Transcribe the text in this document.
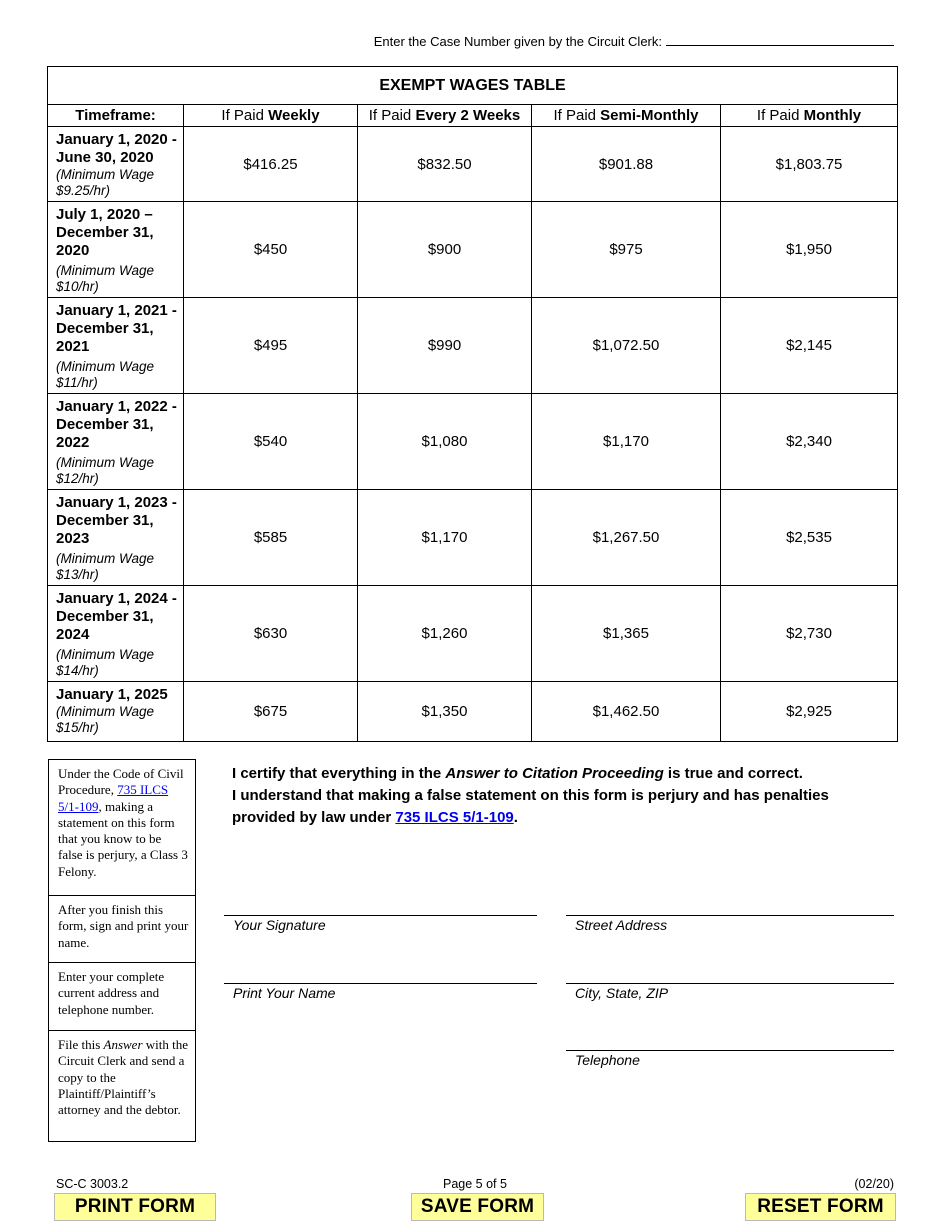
Enter the Case Number given by the Circuit Clerk:
EXEMPT WAGES TABLE				
Timeframe:	If Paid Weekly	If Paid Every 2 Weeks	If Paid Semi-Monthly	If Paid Monthly

January 1, 2020 - June 30, 2020
(Minimum Wage $9.25/hr)	$416.25	$832.50	$901.88	$1,803.75

July 1, 2020 – December 31, 2020
(Minimum Wage $10/hr)	$450	$900	$975	$1,950

January 1, 2021 -December 31, 2021
(Minimum Wage $11/hr)	$495	$990	$1,072.50	$2,145

January 1, 2022 -December 31, 2022
(Minimum Wage $12/hr)	$540	$1,080	$1,170	$2,340

January 1, 2023 -December 31, 2023
(Minimum Wage $13/hr)	$585	$1,170	$1,267.50	$2,535

January 1, 2024 -December 31, 2024
(Minimum Wage $14/hr)	$630	$1,260	$1,365	$2,730

January 1, 2025
(Minimum Wage $15/hr)	$675	$1,350	$1,462.50	$2,925
Under the Code of Civil Procedure, 735 ILCS 5/1-109, making a statement on this form that you know to be false is perjury, a Class 3 Felony.
After you finish this form, sign and print your name.
Enter your complete current address and telephone number.
File this Answer with the Circuit Clerk and send a copy to the Plaintiff/Plaintiff’s attorney and the debtor.
I certify that everything in the Answer to Citation Proceeding is true and correct.
I understand that making a false statement on this form is perjury and has penalties provided by law under 735 ILCS 5/1-109.
Your Signature	Street Address
Print Your Name	City, State, ZIP
Telephone
SC-C 3003.2	Page 5 of 5	(02/20)
PRINT FORM	SAVE FORM	RESET FORM
